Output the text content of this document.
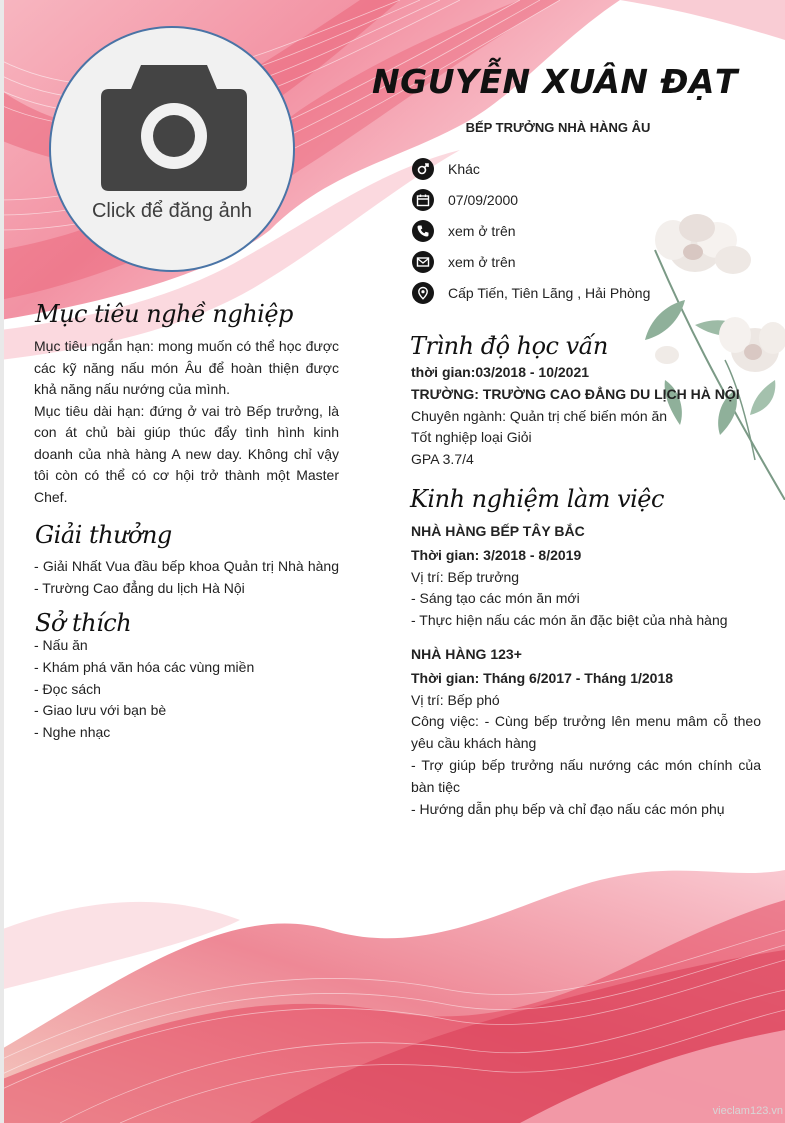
Click để đăng ảnh
NGUYỄN XUÂN ĐẠT
BẾP TRƯỞNG NHÀ HÀNG ÂU
Khác
07/09/2000
xem ở trên
xem ở trên
Cấp Tiến, Tiên Lãng , Hải Phòng
Mục tiêu nghề nghiệp

Mục tiêu ngắn hạn: mong muốn có thể học được các kỹ năng nấu món Âu để hoàn thiện được khả năng nấu nướng của mình.

Mục tiêu dài hạn: đứng ở vai trò Bếp trưởng, là con át chủ bài giúp thúc đẩy tình hình kinh doanh của nhà hàng A new day. Không chỉ vậy tôi còn có thể có cơ hội trở thành một Master Chef.

Giải thưởng
- Giải Nhất Vua đầu bếp khoa Quản trị Nhà hàng - Trường Cao đẳng du lịch Hà Nội
Sở thích
- Nấu ăn
- Khám phá văn hóa các vùng miền
- Đọc sách
- Giao lưu với bạn bè
- Nghe nhạc
Trình độ học vấn
thời gian:03/2018 - 10/2021
TRƯỜNG: TRƯỜNG CAO ĐẲNG DU LỊCH HÀ NỘI
Chuyên ngành: Quản trị chế biến món ăn
Tốt nghiệp loại Giỏi
GPA 3.7/4
Kinh nghiệm làm việc
NHÀ HÀNG BẾP TÂY BẮC
Thời gian: 3/2018 - 8/2019
Vị trí: Bếp trưởng
- Sáng tạo các món ăn mới
- Thực hiện nấu các món ăn đặc biệt của nhà hàng
NHÀ HÀNG 123+
Thời gian: Tháng 6/2017 - Tháng 1/2018
Vị trí: Bếp phó
Công việc: - Cùng bếp trưởng lên menu mâm cỗ theo yêu cầu khách hàng
- Trợ giúp bếp trưởng nấu nướng các món chính của bàn tiệc
- Hướng dẫn phụ bếp và chỉ đạo nấu các món phụ
vieclam123.vn
